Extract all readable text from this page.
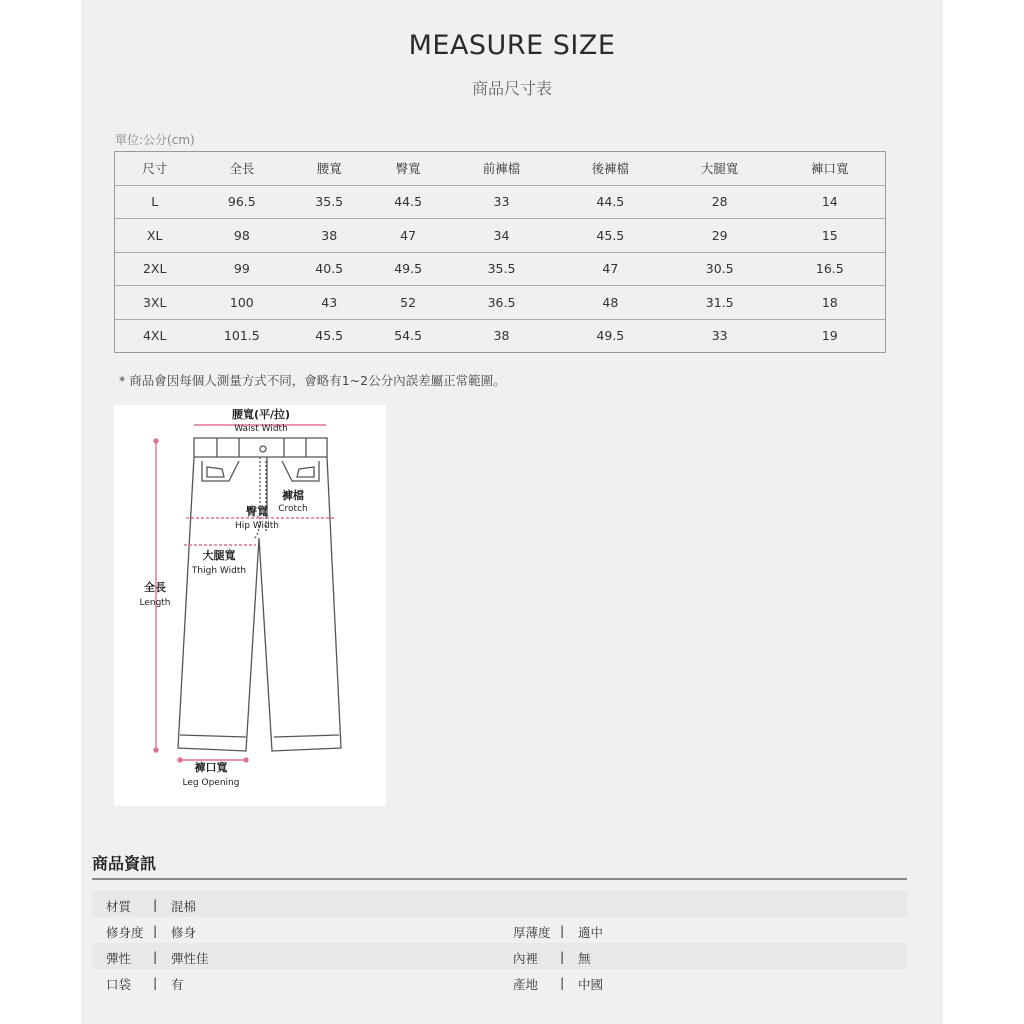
MEASURE SIZE
商品尺寸表
單位:公分(cm)
尺寸	全長	腰寬	臀寬	前褲檔	後褲檔	大腿寬	褲口寬
L	96.5	35.5	44.5	33	44.5	28	14
XL	98	38	47	34	45.5	29	15
2XL	99	40.5	49.5	35.5	47	30.5	16.5
3XL	100	43	52	36.5	48	31.5	18
4XL	101.5	45.5	54.5	38	49.5	33	19
* 商品會因每個人測量方式不同，會略有1~2公分內誤差屬正常範圍。
腰寬(平/拉)
Waist Width
褲檔
Crotch
臀寬
Hip Width
大腿寬
Thigh Width
全長
Length
褲口寬
Leg Opening
商品資訊
材質 | 混棉
修身度 | 修身	厚薄度 | 適中
彈性 | 彈性佳	內裡 | 無
口袋 | 有	產地 | 中國
